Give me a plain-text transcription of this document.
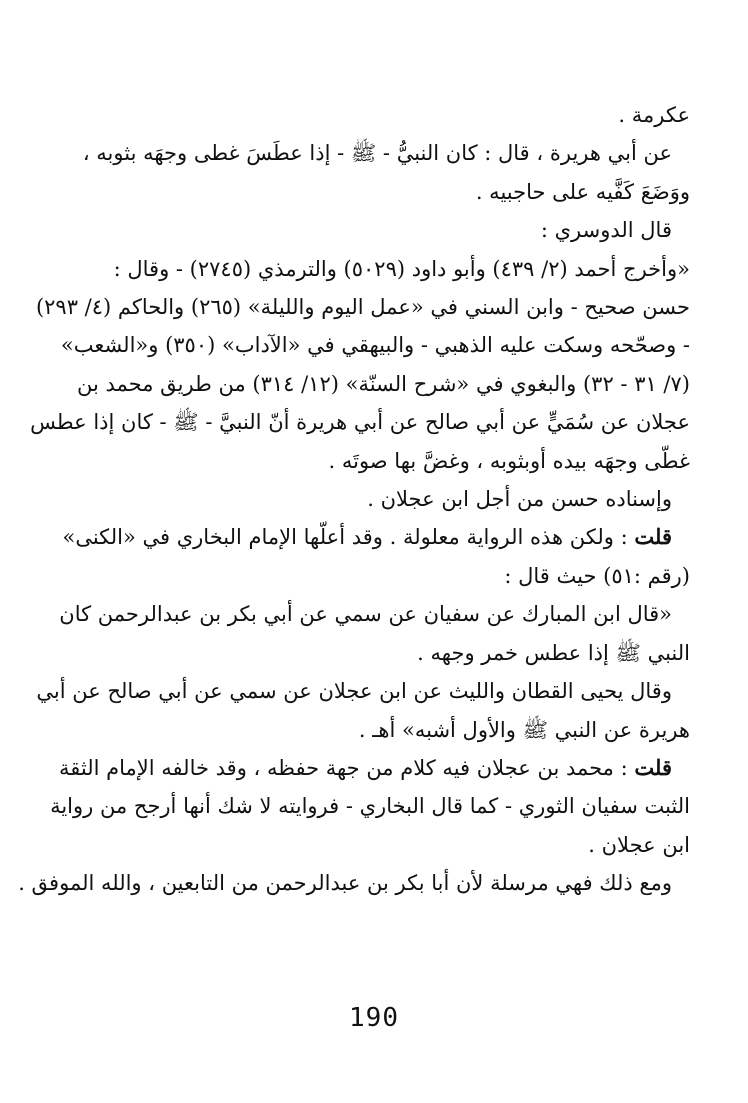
عكرمة .
عن أبي هريرة ، قال : كان النبيُّ - ﷺ - إذا عطَسَ غطى وجهَه بثوبه ،
ووَضَعَ كَفَّيه على حاجبيه .
قال الدوسري :
«وأخرج أحمد (٢/ ٤٣٩) وأبو داود (٥٠٢٩) والترمذي (٢٧٤٥) - وقال :
حسن صحيح - وابن السني في «عمل اليوم والليلة» (٢٦٥) والحاكم (٤/ ٢٩٣)
- وصحّحه وسكت عليه الذهبي - والبيهقي في «الآداب» (٣٥٠) و«الشعب»
(٧/ ٣١ - ٣٢) والبغوي في «شرح السنّة» (١٢/ ٣١٤) من طريق محمد بن
عجلان عن سُمَيٍّ عن أبي صالح عن أبي هريرة أنّ النبيَّ - ﷺ - كان إذا عطس
غطّى وجهَه بيده أوبثوبه ، وغضَّ بها صوتَه .
وإسناده حسن من أجل ابن عجلان .
قلت : ولكن هذه الرواية معلولة . وقد أعلّها الإمام البخاري في «الكنى»
(رقم :٥١) حيث قال :
«قال ابن المبارك عن سفيان عن سمي عن أبي بكر بن عبدالرحمن كان
النبي ﷺ إذا عطس خمر وجهه .
وقال يحيى القطان والليث عن ابن عجلان عن سمي عن أبي صالح عن أبي
هريرة عن النبي ﷺ والأول أشبه» أهـ .
قلت : محمد بن عجلان فيه كلام من جهة حفظه ، وقد خالفه الإمام الثقة
الثبت سفيان الثوري - كما قال البخاري - فروايته لا شك أنها أرجح من رواية
ابن عجلان .
ومع ذلك فهي مرسلة لأن أبا بكر بن عبدالرحمن من التابعين ، والله الموفق .
190
